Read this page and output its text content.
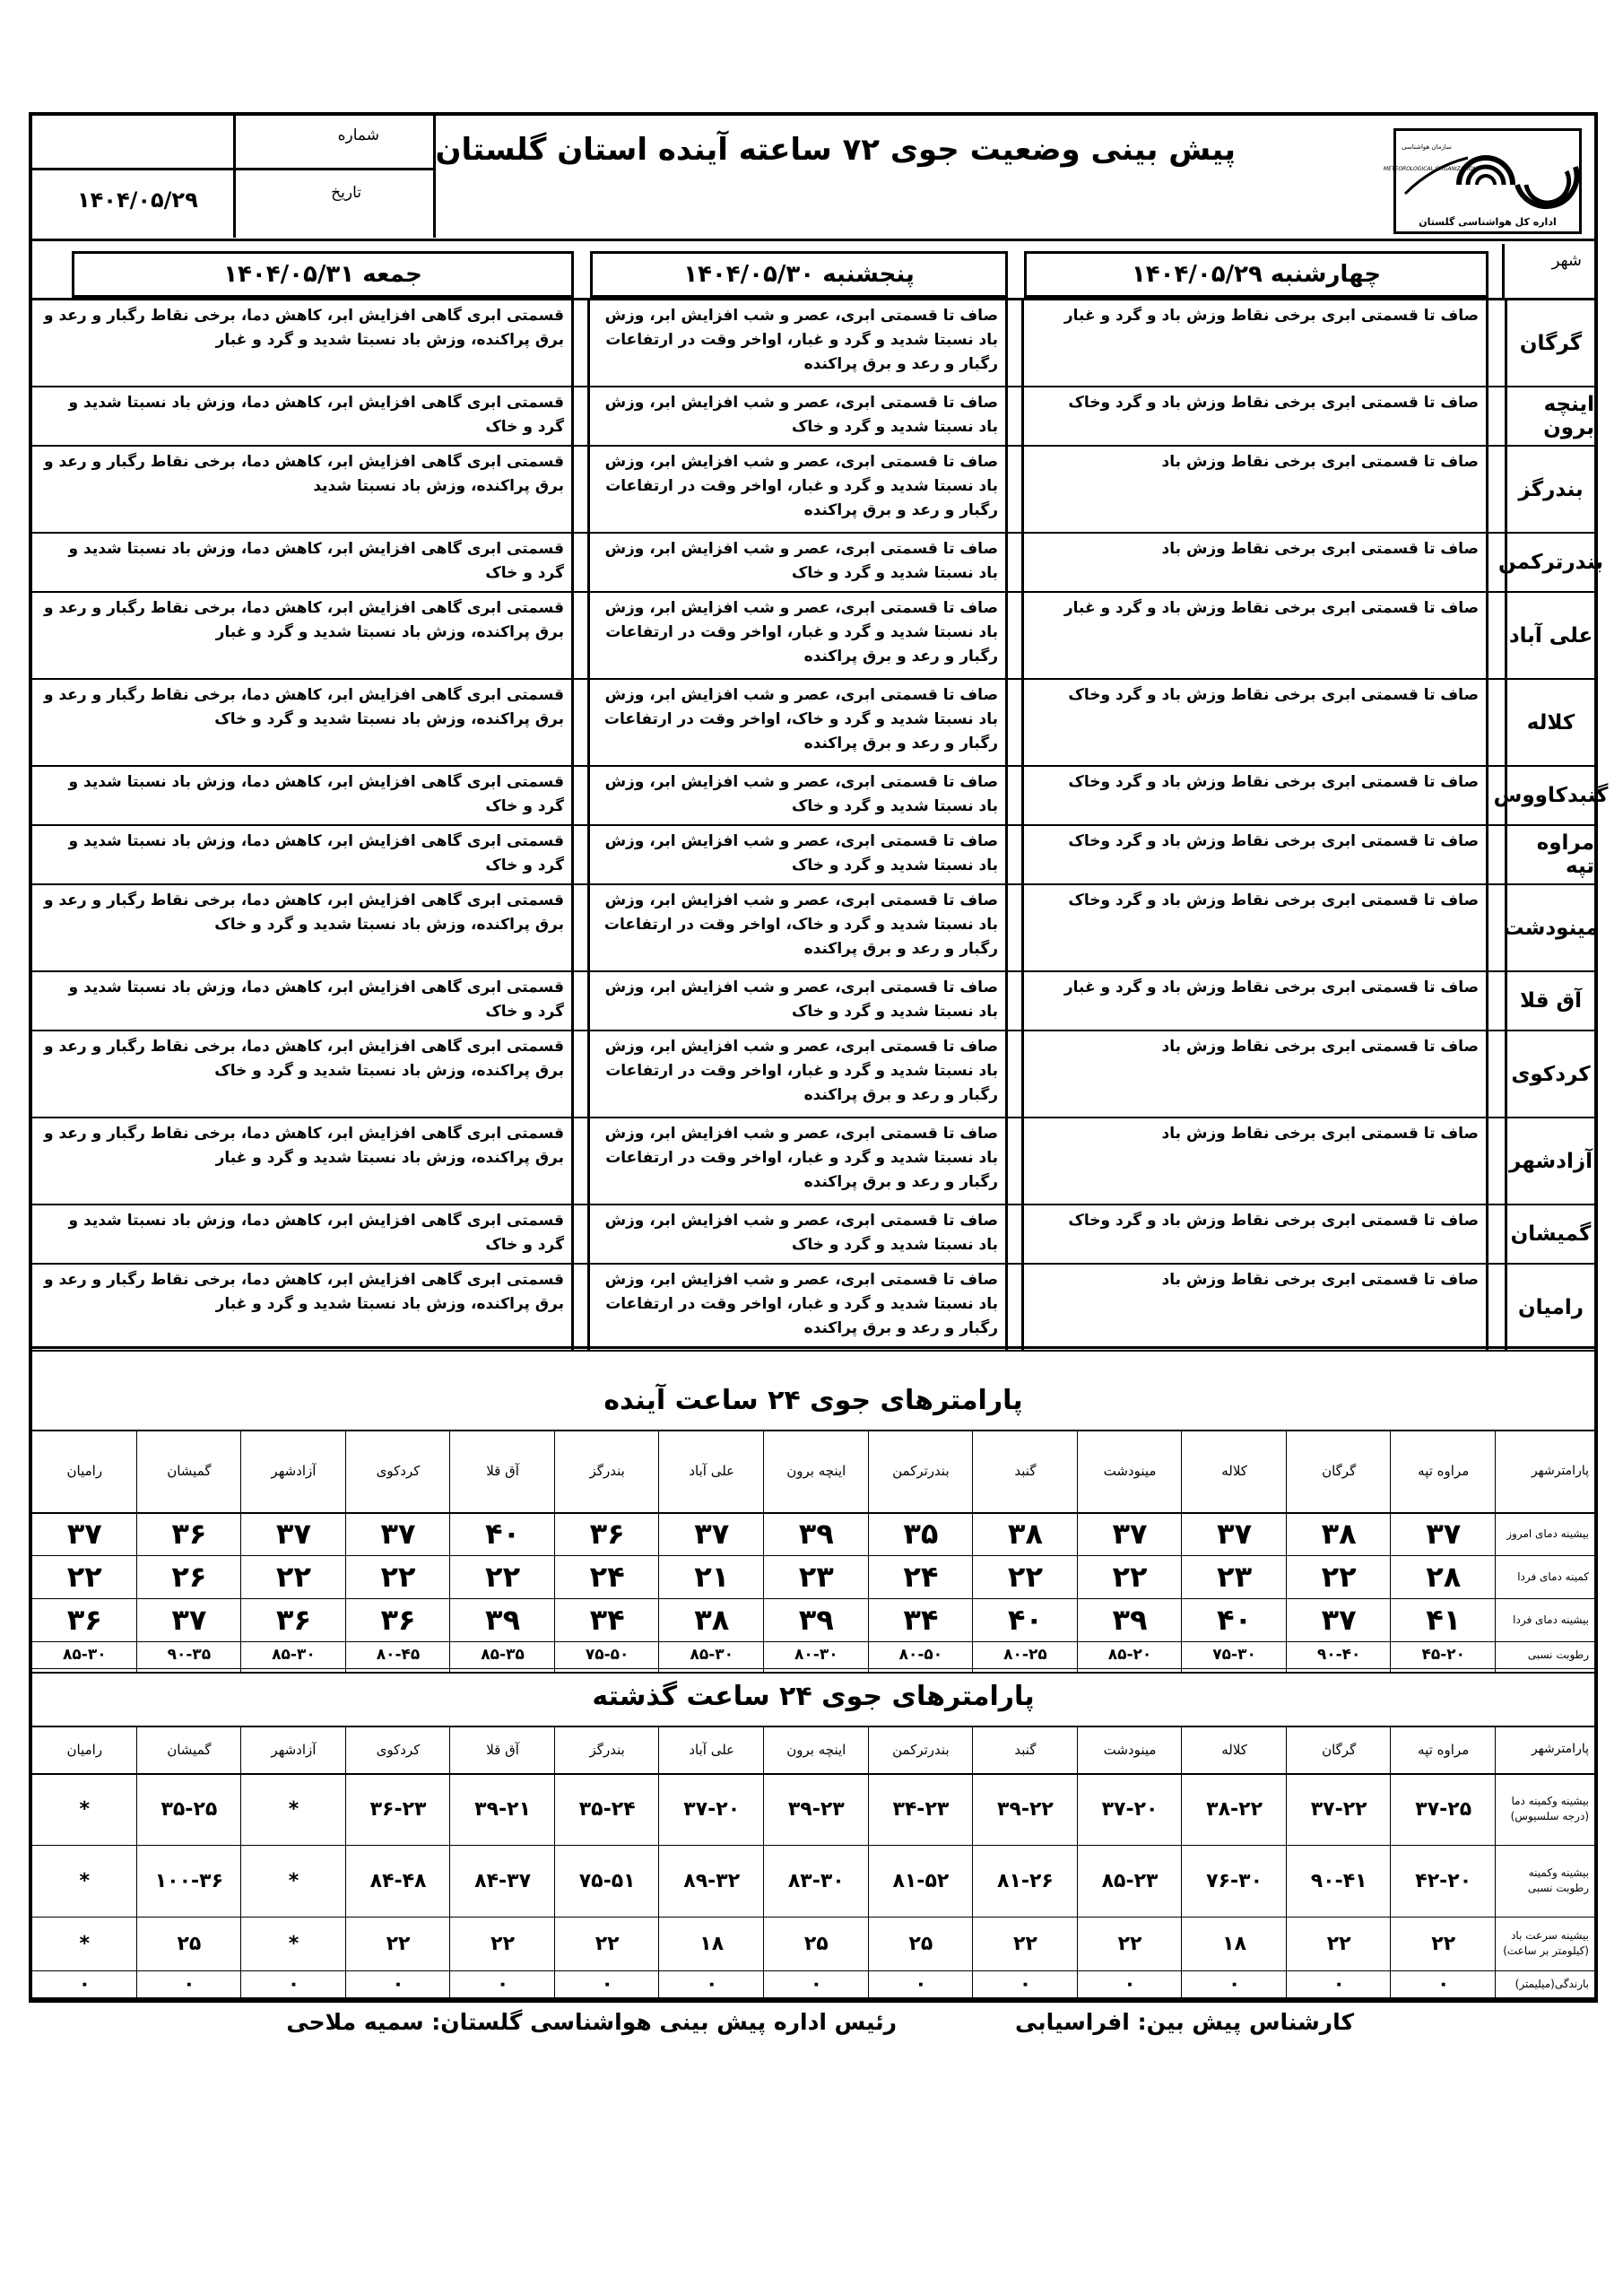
سازمان هواشناسی
METEOROLOGICAL ORGANIZATION
اداره کل هواشناسی گلستان
پیش بینی وضعیت جوی ۷۲ ساعته آینده استان گلستان
شماره
تاریخ
۱۴۰۴/۰۵/۲۹
شهر
چهارشنبه ۱۴۰۴/۰۵/۲۹
پنجشنبه ۱۴۰۴/۰۵/۳۰
جمعه ۱۴۰۴/۰۵/۳۱
گرگان
صاف تا قسمتی ابری برخی نقاط وزش باد و گرد و غبار
صاف تا قسمتی ابری، عصر و شب افزایش ابر، وزش باد نسبتا شدید و گرد و غبار، اواخر وقت در ارتفاعات رگبار و رعد و برق پراکنده
قسمتی ابری گاهی افزایش ابر، کاهش دما، برخی نقاط رگبار و رعد و برق پراکنده، وزش باد نسبتا شدید و گرد و غبار
اینچه برون
صاف تا قسمتی ابری برخی نقاط وزش باد و گرد وخاک
صاف تا قسمتی ابری، عصر و شب افزایش ابر، وزش باد نسبتا شدید و گرد و خاک
قسمتی ابری گاهی افزایش ابر، کاهش دما، وزش باد نسبتا شدید و گرد و خاک
بندرگز
صاف تا قسمتی ابری برخی نقاط وزش باد
صاف تا قسمتی ابری، عصر و شب افزایش ابر، وزش باد نسبتا شدید و گرد و غبار، اواخر وقت در ارتفاعات رگبار و رعد و برق پراکنده
قسمتی ابری گاهی افزایش ابر، کاهش دما، برخی نقاط رگبار و رعد و برق پراکنده، وزش باد نسبتا شدید
بندرترکمن
صاف تا قسمتی ابری برخی نقاط وزش باد
صاف تا قسمتی ابری، عصر و شب افزایش ابر، وزش باد نسبتا شدید و گرد و خاک
قسمتی ابری گاهی افزایش ابر، کاهش دما، وزش باد نسبتا شدید و گرد و خاک
علی آباد
صاف تا قسمتی ابری برخی نقاط وزش باد و گرد و غبار
صاف تا قسمتی ابری، عصر و شب افزایش ابر، وزش باد نسبتا شدید و گرد و غبار، اواخر وقت در ارتفاعات رگبار و رعد و برق پراکنده
قسمتی ابری گاهی افزایش ابر، کاهش دما، برخی نقاط رگبار و رعد و برق پراکنده، وزش باد نسبتا شدید و گرد و غبار
کلاله
صاف تا قسمتی ابری برخی نقاط وزش باد و گرد وخاک
صاف تا قسمتی ابری، عصر و شب افزایش ابر، وزش باد نسبتا شدید و گرد و خاک، اواخر وقت در ارتفاعات رگبار و رعد و برق پراکنده
قسمتی ابری گاهی افزایش ابر، کاهش دما، برخی نقاط رگبار و رعد و برق پراکنده، وزش باد نسبتا شدید و گرد و خاک
گنبدکاووس
صاف تا قسمتی ابری برخی نقاط وزش باد و گرد وخاک
صاف تا قسمتی ابری، عصر و شب افزایش ابر، وزش باد نسبتا شدید و گرد و خاک
قسمتی ابری گاهی افزایش ابر، کاهش دما، وزش باد نسبتا شدید و گرد و خاک
مراوه تپه
صاف تا قسمتی ابری برخی نقاط وزش باد و گرد وخاک
صاف تا قسمتی ابری، عصر و شب افزایش ابر، وزش باد نسبتا شدید و گرد و خاک
قسمتی ابری گاهی افزایش ابر، کاهش دما، وزش باد نسبتا شدید و گرد و خاک
مینودشت
صاف تا قسمتی ابری برخی نقاط وزش باد و گرد وخاک
صاف تا قسمتی ابری، عصر و شب افزایش ابر، وزش باد نسبتا شدید و گرد و خاک، اواخر وقت در ارتفاعات رگبار و رعد و برق پراکنده
قسمتی ابری گاهی افزایش ابر، کاهش دما، برخی نقاط رگبار و رعد و برق پراکنده، وزش باد نسبتا شدید و گرد و خاک
آق قلا
صاف تا قسمتی ابری برخی نقاط وزش باد و گرد و غبار
صاف تا قسمتی ابری، عصر و شب افزایش ابر، وزش باد نسبتا شدید و گرد و خاک
قسمتی ابری گاهی افزایش ابر، کاهش دما، وزش باد نسبتا شدید و گرد و خاک
کردکوی
صاف تا قسمتی ابری برخی نقاط وزش باد
صاف تا قسمتی ابری، عصر و شب افزایش ابر، وزش باد نسبتا شدید و گرد و غبار، اواخر وقت در ارتفاعات رگبار و رعد و برق پراکنده
قسمتی ابری گاهی افزایش ابر، کاهش دما، برخی نقاط رگبار و رعد و برق پراکنده، وزش باد نسبتا شدید و گرد و خاک
آزادشهر
صاف تا قسمتی ابری برخی نقاط وزش باد
صاف تا قسمتی ابری، عصر و شب افزایش ابر، وزش باد نسبتا شدید و گرد و غبار، اواخر وقت در ارتفاعات رگبار و رعد و برق پراکنده
قسمتی ابری گاهی افزایش ابر، کاهش دما، برخی نقاط رگبار و رعد و برق پراکنده، وزش باد نسبتا شدید و گرد و غبار
گمیشان
صاف تا قسمتی ابری برخی نقاط وزش باد و گرد وخاک
صاف تا قسمتی ابری، عصر و شب افزایش ابر، وزش باد نسبتا شدید و گرد و خاک
قسمتی ابری گاهی افزایش ابر، کاهش دما، وزش باد نسبتا شدید و گرد و خاک
رامیان
صاف تا قسمتی ابری برخی نقاط وزش باد
صاف تا قسمتی ابری، عصر و شب افزایش ابر، وزش باد نسبتا شدید و گرد و غبار، اواخر وقت در ارتفاعات رگبار و رعد و برق پراکنده
قسمتی ابری گاهی افزایش ابر، کاهش دما، برخی نقاط رگبار و رعد و برق پراکنده، وزش باد نسبتا شدید و گرد و غبار
پارامترهای جوی ۲۴ ساعت آینده
پارامترشهر
مراوه تپه
گرگان
کلاله
مینودشت
گنبد
بندرترکمن
اینچه برون
علی آباد
بندرگز
آق قلا
کردکوی
آزادشهر
گمیشان
رامیان
بیشینه دمای امروز
۳۷
۳۸
۳۷
۳۷
۳۸
۳۵
۳۹
۳۷
۳۶
۴۰
۳۷
۳۷
۳۶
۳۷
کمینه دمای فردا
۲۸
۲۲
۲۳
۲۲
۲۲
۲۴
۲۳
۲۱
۲۴
۲۲
۲۲
۲۲
۲۶
۲۲
بیشینه دمای فردا
۴۱
۳۷
۴۰
۳۹
۴۰
۳۴
۳۹
۳۸
۳۴
۳۹
۳۶
۳۶
۳۷
۳۶
رطوبت نسبی
۴۵-۲۰
۹۰-۴۰
۷۵-۳۰
۸۵-۲۰
۸۰-۲۵
۸۰-۵۰
۸۰-۳۰
۸۵-۳۰
۷۵-۵۰
۸۵-۳۵
۸۰-۴۵
۸۵-۳۰
۹۰-۳۵
۸۵-۳۰
پارامترهای جوی ۲۴ ساعت گذشته
پارامترشهر
مراوه تپه
گرگان
کلاله
مینودشت
گنبد
بندرترکمن
اینچه برون
علی آباد
بندرگز
آق قلا
کردکوی
آزادشهر
گمیشان
رامیان
بیشینه وکمینه دما (درجه سلسیوس)
۳۷-۲۵
۳۷-۲۲
۳۸-۲۲
۳۷-۲۰
۳۹-۲۲
۳۴-۲۳
۳۹-۲۳
۳۷-۲۰
۳۵-۲۴
۳۹-۲۱
۳۶-۲۳
*
۳۵-۲۵
*
بیشینه وکمینه رطوبت نسبی
۴۲-۲۰
۹۰-۴۱
۷۶-۳۰
۸۵-۲۳
۸۱-۲۶
۸۱-۵۲
۸۳-۳۰
۸۹-۳۲
۷۵-۵۱
۸۴-۳۷
۸۴-۴۸
*
۱۰۰-۳۶
*
بیشینه سرعت باد (کیلومتر بر ساعت)
۲۲
۲۲
۱۸
۲۲
۲۲
۲۵
۲۵
۱۸
۲۲
۲۲
۲۲
*
۲۵
*
بارندگی(میلیمتر)
۰
۰
۰
۰
۰
۰
۰
۰
۰
۰
۰
۰
۰
۰
کارشناس پیش بین: افراسیابی
رئیس اداره پیش بینی هواشناسی گلستان: سمیه ملاحی
